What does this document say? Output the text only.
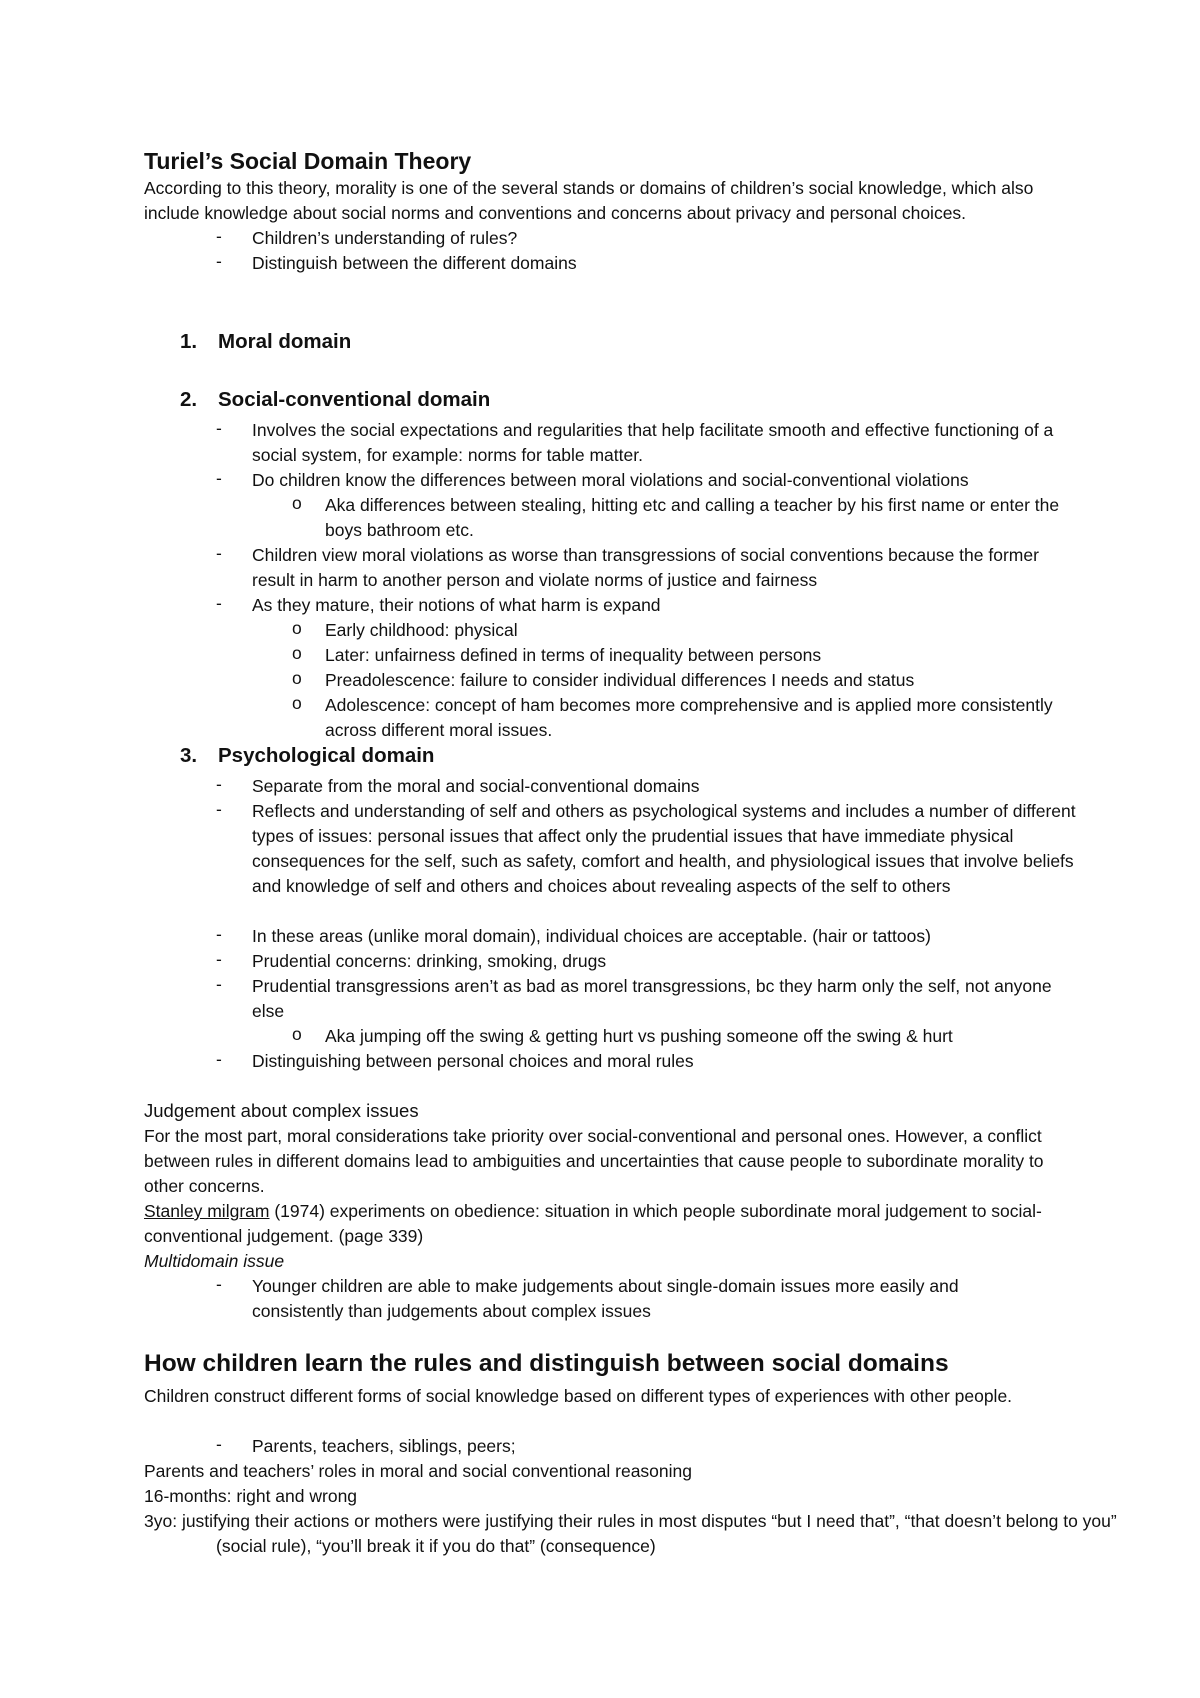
Turiel’s Social Domain Theory
According to this theory, morality is one of the several stands or domains of children’s social knowledge, which also include knowledge about social norms and conventions and concerns about privacy and personal choices.
- Children’s understanding of rules?
- Distinguish between the different domains
1. Moral domain
2. Social-conventional domain
- Involves the social expectations and regularities that help facilitate smooth and effective functioning of a social system, for example: norms for table matter.
- Do children know the differences between moral violations and social-conventional violations
o Aka differences between stealing, hitting etc and calling a teacher by his first name or enter the boys bathroom etc.
- Children view moral violations as worse than transgressions of social conventions because the former result in harm to another person and violate norms of justice and fairness
- As they mature, their notions of what harm is expand
o Early childhood: physical
o Later: unfairness defined in terms of inequality between persons
o Preadolescence: failure to consider individual differences I needs and status
o Adolescence: concept of ham becomes more comprehensive and is applied more consistently across different moral issues.
3. Psychological domain
- Separate from the moral and social-conventional domains
- Reflects and understanding of self and others as psychological systems and includes a number of different types of issues: personal issues that affect only the prudential issues that have immediate physical consequences for the self, such as safety, comfort and health, and physiological issues that involve beliefs and knowledge of self and others and choices about revealing aspects of the self to others
- In these areas (unlike moral domain), individual choices are acceptable. (hair or tattoos)
- Prudential concerns: drinking, smoking, drugs
- Prudential transgressions aren’t as bad as morel transgressions, bc they harm only the self, not anyone else
o Aka jumping off the swing & getting hurt vs pushing someone off the swing & hurt
- Distinguishing between personal choices and moral rules
Judgement about complex issues
For the most part, moral considerations take priority over social-conventional and personal ones. However, a conflict between rules in different domains lead to ambiguities and uncertainties that cause people to subordinate morality to other concerns.
Stanley milgram (1974) experiments on obedience: situation in which people subordinate moral judgement to social-conventional judgement. (page 339)
Multidomain issue
- Younger children are able to make judgements about single-domain issues more easily and consistently than judgements about complex issues
How children learn the rules and distinguish between social domains
Children construct different forms of social knowledge based on different types of experiences with other people.
- Parents, teachers, siblings, peers;
Parents and teachers’ roles in moral and social conventional reasoning
16-months: right and wrong
3yo: justifying their actions or mothers were justifying their rules in most disputes “but I need that”, “that doesn’t belong to you” (social rule), “you’ll break it if you do that” (consequence)
